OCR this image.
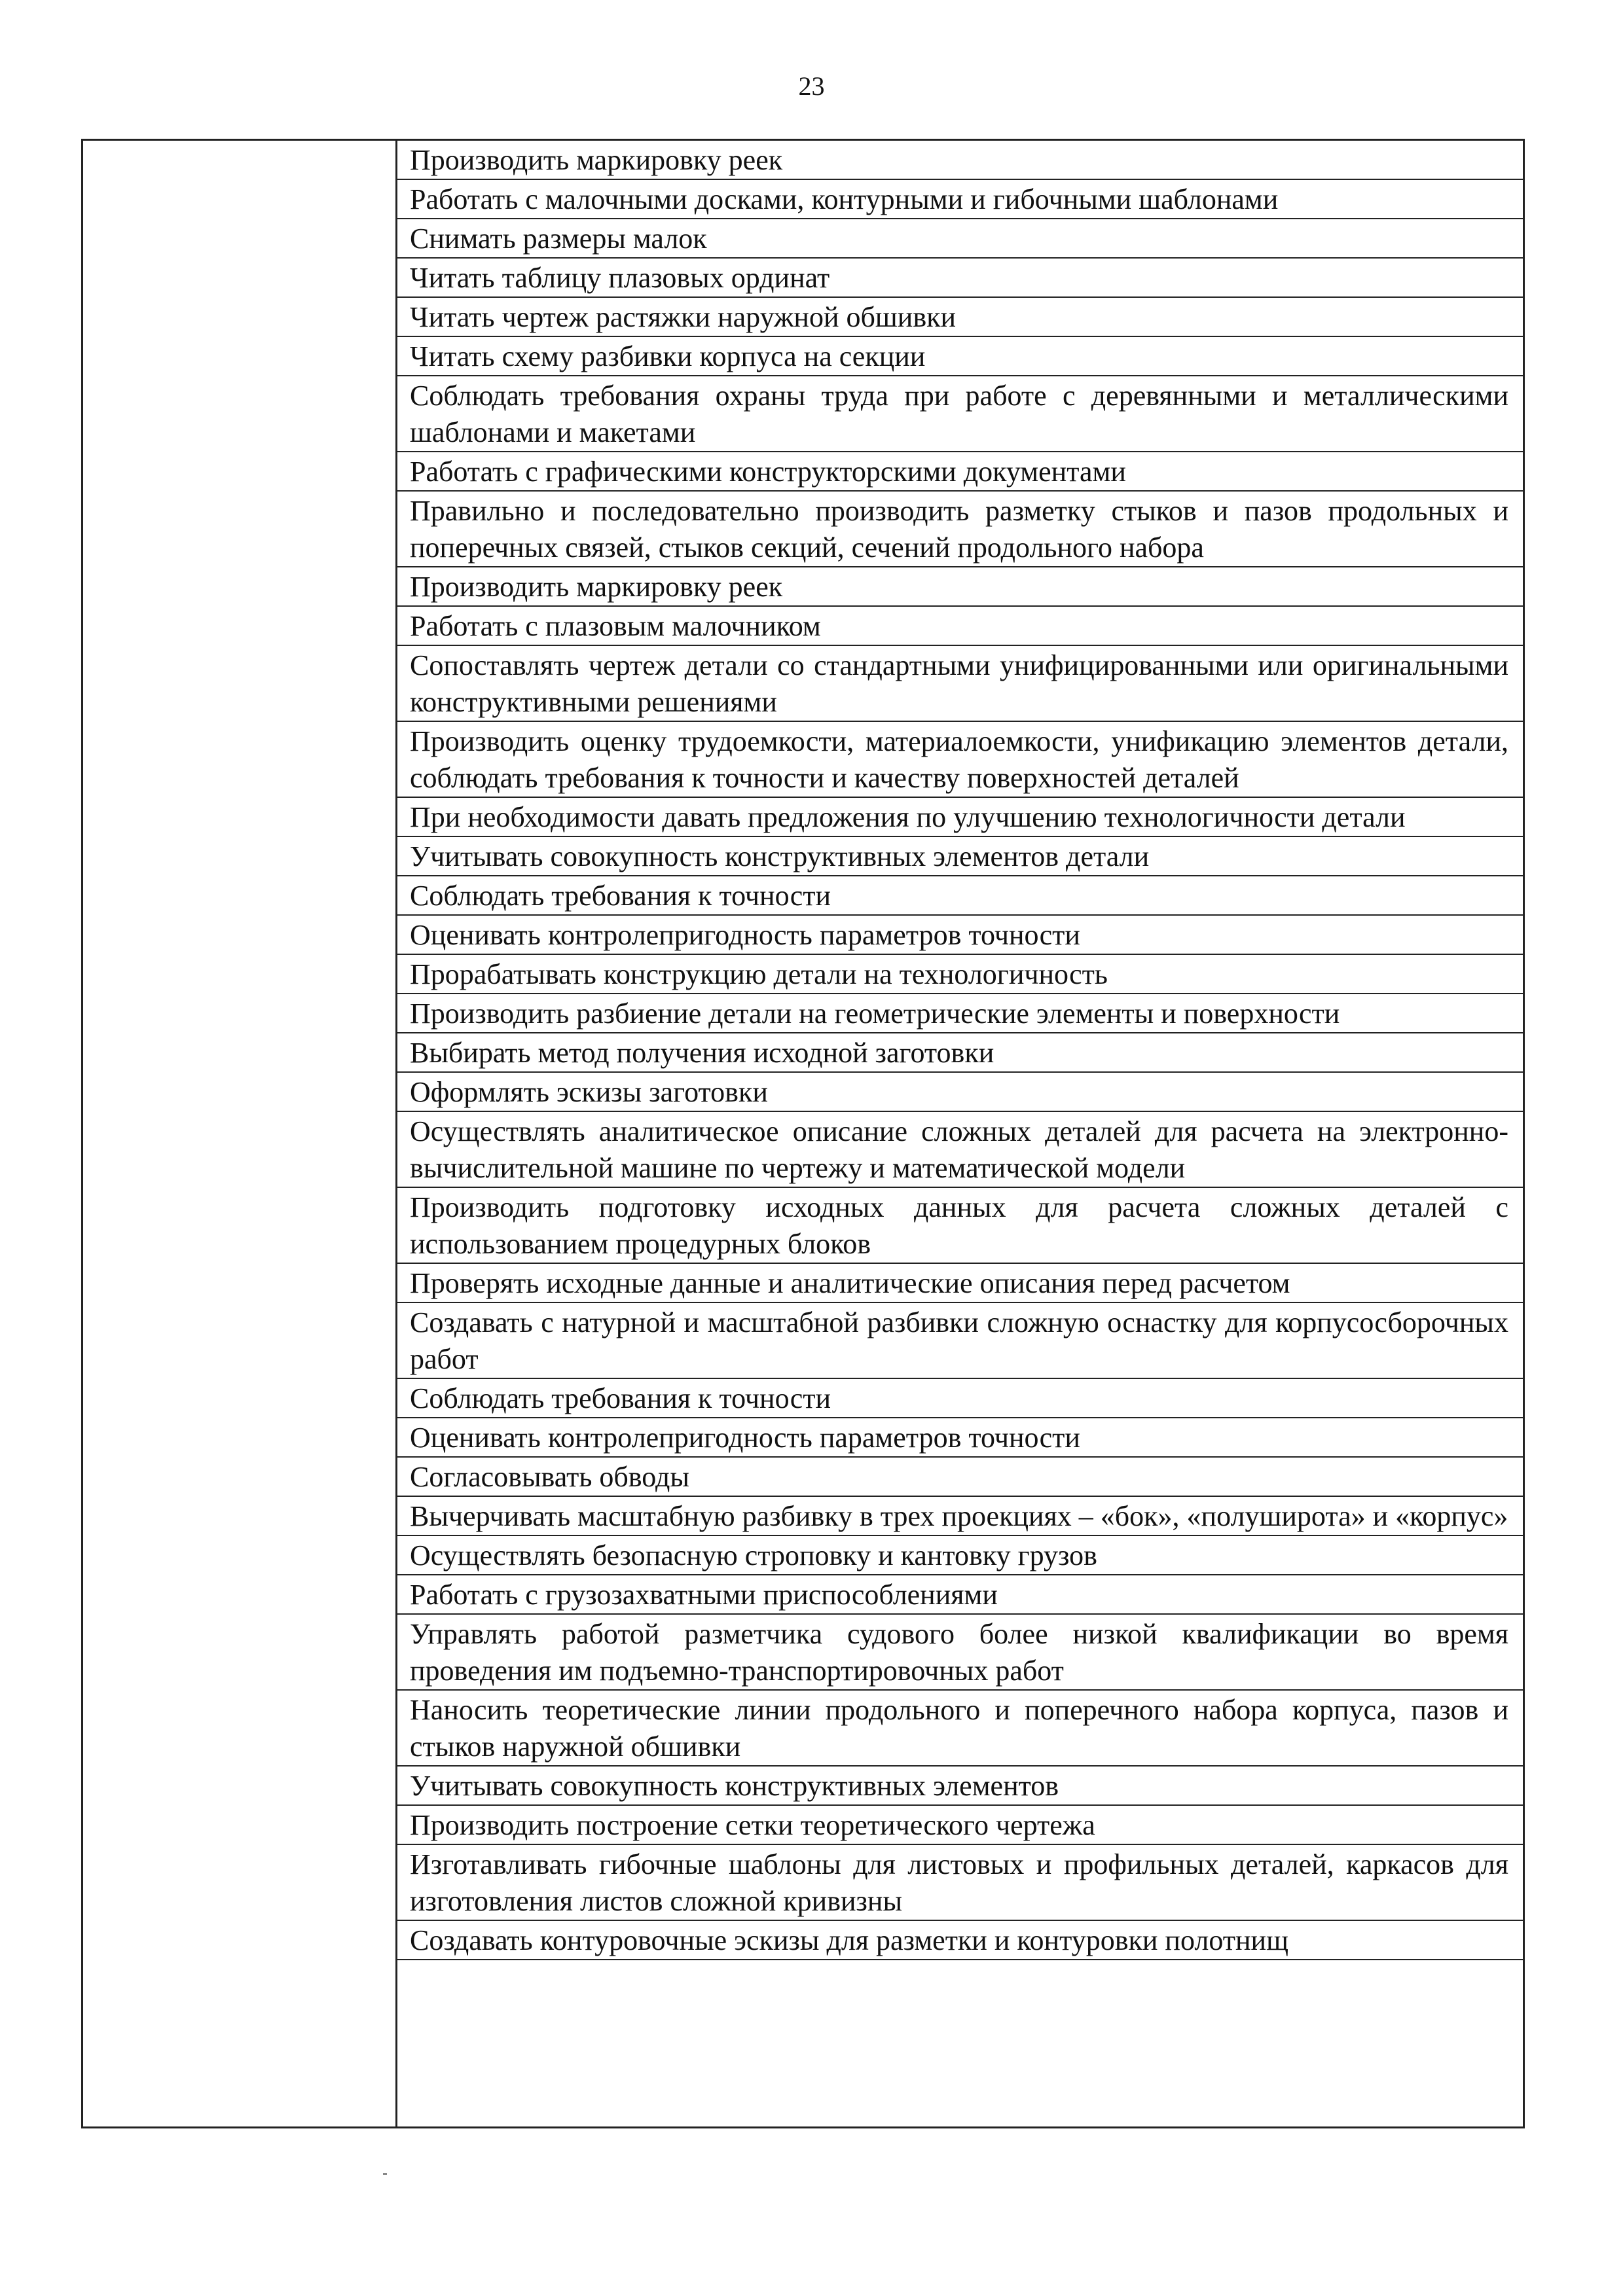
23
Производить маркировку реек
Работать с малочными досками, контурными и гибочными шаблонами
Снимать размеры малок
Читать таблицу плазовых ординат
Читать чертеж растяжки наружной обшивки
Читать схему разбивки корпуса на секции
Соблюдать требования охраны труда при работе с деревянными и металлическими шаблонами и макетами
Работать с графическими конструкторскими документами
Правильно и последовательно производить разметку стыков и пазов продольных и поперечных связей, стыков секций, сечений продольного набора
Производить маркировку реек
Работать с плазовым малочником
Сопоставлять чертеж детали со стандартными унифицированными или оригинальными конструктивными решениями
Производить оценку трудоемкости, материалоемкости, унификацию элементов детали, соблюдать требования к точности и качеству поверхностей деталей
При необходимости давать предложения по улучшению технологичности детали
Учитывать совокупность конструктивных элементов детали
Соблюдать требования к точности
Оценивать контролепригодность параметров точности
Прорабатывать конструкцию детали на технологичность
Производить разбиение детали на геометрические элементы и поверхности
Выбирать метод получения исходной заготовки
Оформлять эскизы заготовки
Осуществлять аналитическое описание сложных деталей для расчета на электронно-вычислительной машине по чертежу и математической модели
Производить подготовку исходных данных для расчета сложных деталей с использованием процедурных блоков
Проверять исходные данные и аналитические описания перед расчетом
Создавать с натурной и масштабной разбивки сложную оснастку для корпусосборочных работ
Соблюдать требования к точности
Оценивать контролепригодность параметров точности
Согласовывать обводы
Вычерчивать масштабную разбивку в трех проекциях – «бок», «полуширота» и «корпус»
Осуществлять безопасную строповку и кантовку грузов
Работать с грузозахватными приспособлениями
Управлять работой разметчика судового более низкой квалификации во время проведения им подъемно-транспортировочных работ
Наносить теоретические линии продольного и поперечного набора корпуса, пазов и стыков наружной обшивки
Учитывать совокупность конструктивных элементов
Производить построение сетки теоретического чертежа
Изготавливать гибочные шаблоны для листовых и профильных деталей, каркасов для изготовления листов сложной кривизны
Создавать контуровочные эскизы для разметки и контуровки полотнищ
